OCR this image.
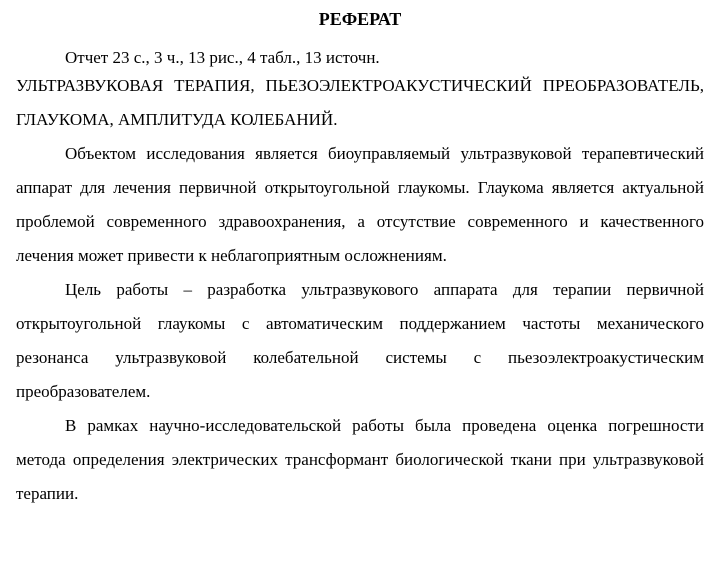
РЕФЕРАТ
Отчет 23 с., 3 ч., 13 рис., 4 табл., 13 источн.

УЛЬТРАЗВУКОВАЯ ТЕРАПИЯ, ПЬЕЗОЭЛЕКТРОАКУСТИЧЕСКИЙ ПРЕОБРАЗОВАТЕЛЬ, ГЛАУКОМА, АМПЛИТУДА КОЛЕБАНИЙ.

Объектом исследования является биоуправляемый ультразвуковой терапевтический аппарат для лечения первичной открытоугольной глаукомы. Глаукома является актуальной проблемой современного здравоохранения, а отсутствие современного и качественного лечения может привести к неблагоприятным осложнениям.

Цель работы – разработка ультразвукового аппарата для терапии первичной открытоугольной глаукомы с автоматическим поддержанием частоты механического резонанса ультразвуковой колебательной системы с пьезоэлектроакустическим преобразователем.

В рамках научно-исследовательской работы была проведена оценка погрешности метода определения электрических трансформант биологической ткани при ультразвуковой терапии.
